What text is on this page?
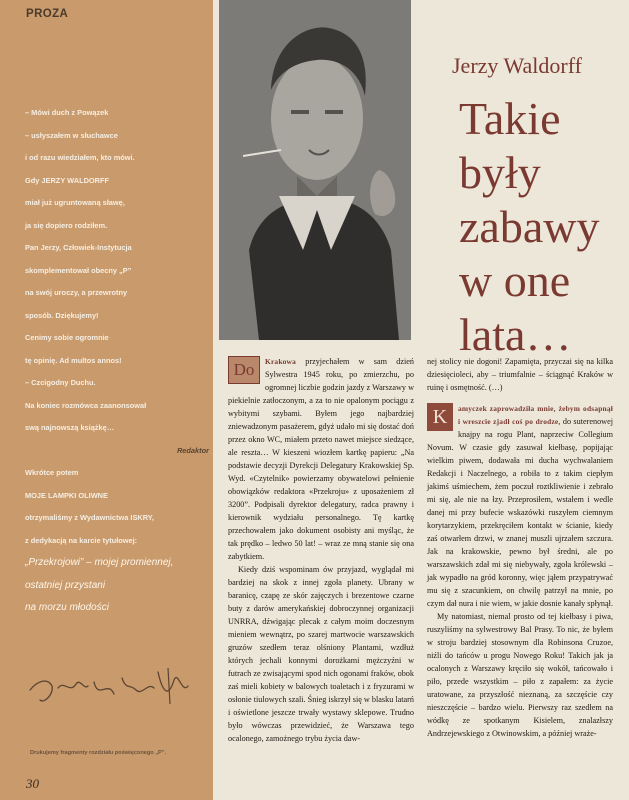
PROZA

– Mówi duch z Powązek

– usłyszałem w słuchawce

i od razu wiedziałem, kto mówi.

Gdy JERZY WALDORFF

miał już ugruntowaną sławę,

ja się dopiero rodziłem.

Pan Jerzy, Człowiek-Instytucja

skomplementował obecny „P”

na swój uroczy, a przewrotny

sposób. Dziękujemy!

Cenimy sobie ogromnie

tę opinię. Ad multos annos!

– Czcigodny Duchu.

Na koniec rozmówca zaanonsował

swą najnowszą książkę…

Redaktor

Wkrótce potem

MOJE LAMPKI OLIWNE

otrzymaliśmy z Wydawnictwa ISKRY,

z dedykacją na karcie tytułowej:

„Przekrojowi” – mojej promiennej,

ostatniej przystani

na morzu młodości

Drukujemy fragmenty rozdziału poświęconego „P”.
30
Jerzy Waldorff
Takie
były
zabawy
w one
lata…

Do	Krakowa przyjechałem w sam dzień Sylwestra 1945 roku, po zmierzchu, po ogromnej liczbie godzin jazdy z Warszawy w piekielnie zatłoczonym, a za to nie opalonym pociągu z wybitymi szybami. Byłem jego najbardziej zniewadzonym pasażerem, gdyż udało mi się dostać doń przez okno WC, miałem przeto nawet miejsce siedzące, ale reszta… W kieszeni wiozłem kartkę papieru: „Na podstawie decyzji Dyrekcji Delegatury Krakowskiej Sp. Wyd. «Czytelnik» powierzamy obywatelowi pełnienie obowiązków redaktora «Przekroju» z uposażeniem zł 3200”. Podpisali dyrektor delegatury, radca prawny i kierownik wydziału personalnego. Tę kartkę przechowałem jako dokument osobisty ani myśląc, że tak prędko – ledwo 50 lat! – wraz ze mną stanie się ona zabytkiem.

Kiedy dziś wspominam ów przyjazd, wyglądał mi bardziej na skok z innej zgoła planety. Ubrany w baranicę, czapę ze skór zajęczych i brezentowe czarne buty z darów amerykańskiej dobroczynnej organizacji UNRRA, dźwigając plecak z całym moim doczesnym mieniem wewnątrz, po szarej martwocie warszawskich gruzów szedłem teraz olśniony Plantami, wzdłuż których jechali konnymi dorożkami mężczyźni w futrach ze zwisającymi spod nich ogonami fraków, obok zaś mieli kobiety w balowych toaletach i z fryzurami w osłonie tiulowych szali. Śnieg iskrzył się w blasku latarń i oświetlone jeszcze trwały wystawy sklepowe. Trudno było wówczas przewidzieć, że Warszawa tego ocalonego, zamożnego trybu życia daw-

nej stolicy nie dogoni! Zapamięta, przyczai się na kilka dziesięcioleci, aby – triumfalnie – ściągnąć Kraków w ruinę i osmętność. (…)

K	amyczek zaprowadziła mnie, żebym odsapnął i wreszcie zjadł coś po drodze, do suterenowej knajpy na rogu Plant, naprzeciw Collegium Novum. W czasie gdy zasuwał kiełbasę, popijając wielkim piwem, dodawała mi ducha wychwalaniem Redakcji i Naczelnego, a robiła to z takim ciepłym jakimś uśmiechem, żem poczuł roztkliwienie i zebrało mi się, ale nie na łzy. Przeprosiłem, wstałem i wedle danej mi przy bufecie wskazówki ruszyłem ciemnym korytarzykiem, przekręciłem kontakt w ścianie, kiedy zaś otwarłem drzwi, w znanej muszli ujrzałem szczura. Jak na krakowskie, pewno był średni, ale po warszawskich zdał mi się niebywały, zgoła królewski – jak wypadło na gród koronny, więc jąłem przypatrywać mu się z szacunkiem, on chwilę patrzył na mnie, po czym dał nura i nie wiem, w jakie dosnie kanały spłynął.

My natomiast, niemal prosto od tej kiełbasy i piwa, ruszyliśmy na sylwestrowy Bal Prasy. To nic, że byłem w stroju bardziej stosownym dla Robinsona Cruzoe, niźli do tańców u progu Nowego Roku! Takich jak ja ocalonych z Warszawy kręciło się wokół, tańcowało i piło, przede wszystkim – piło z zapałem: za życie uratowane, za przyszłość nieznaną, za szczęście czy nieszczęście – bardzo wielu. Pierwszy raz szedłem na wódkę ze spotkanym Kisielem, znalazłszy Andrzejewskiego z Otwinowskim, a później wraże-
